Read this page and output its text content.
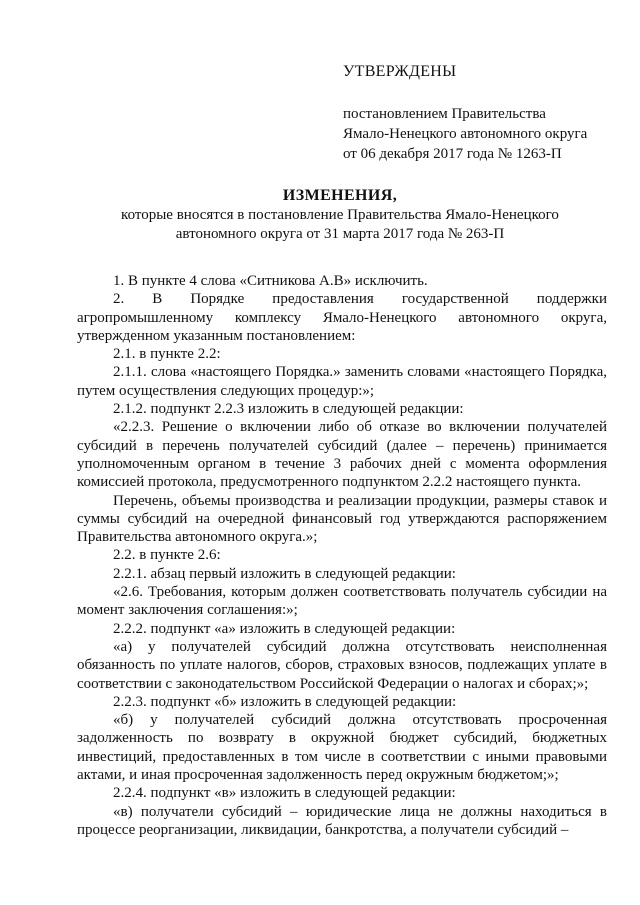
УТВЕРЖДЕНЫ
постановлением Правительства
Ямало-Ненецкого автономного округа
от 06 декабря 2017 года № 1263-П
ИЗМЕНЕНИЯ,
которые вносятся в постановление Правительства Ямало-Ненецкого
автономного округа от 31 марта 2017 года № 263-П

1. В пункте 4 слова «Ситникова А.В» исключить.

2. В Порядке предоставления государственной поддержки агропромышленному комплексу Ямало-Ненецкого автономного округа, утвержденном указанным постановлением:

2.1. в пункте 2.2:

2.1.1. слова «настоящего Порядка.» заменить словами «настоящего Порядка, путем осуществления следующих процедур:»;

2.1.2. подпункт 2.2.3 изложить в следующей редакции:

«2.2.3. Решение о включении либо об отказе во включении получателей субсидий в перечень получателей субсидий (далее – перечень) принимается уполномоченным органом в течение 3 рабочих дней с момента оформления комиссией протокола, предусмотренного подпунктом 2.2.2 настоящего пункта.

Перечень, объемы производства и реализации продукции, размеры ставок и суммы субсидий на очередной финансовый год утверждаются распоряжением Правительства автономного округа.»;

2.2. в пункте 2.6:

2.2.1. абзац первый изложить в следующей редакции:

«2.6. Требования, которым должен соответствовать получатель субсидии на момент заключения соглашения:»;

2.2.2. подпункт «а» изложить в следующей редакции:

«а) у получателей субсидий должна отсутствовать неисполненная обязанность по уплате налогов, сборов, страховых взносов, подлежащих уплате в соответствии с законодательством Российской Федерации о налогах и сборах;»;

2.2.3. подпункт «б» изложить в следующей редакции:

«б) у получателей субсидий должна отсутствовать просроченная задолженность по возврату в окружной бюджет субсидий, бюджетных инвестиций, предоставленных в том числе в соответствии с иными правовыми актами, и иная просроченная задолженность перед окружным бюджетом;»;

2.2.4. подпункт «в» изложить в следующей редакции:

«в) получатели субсидий – юридические лица не должны находиться в процессе реорганизации, ликвидации, банкротства, а получатели субсидий –
